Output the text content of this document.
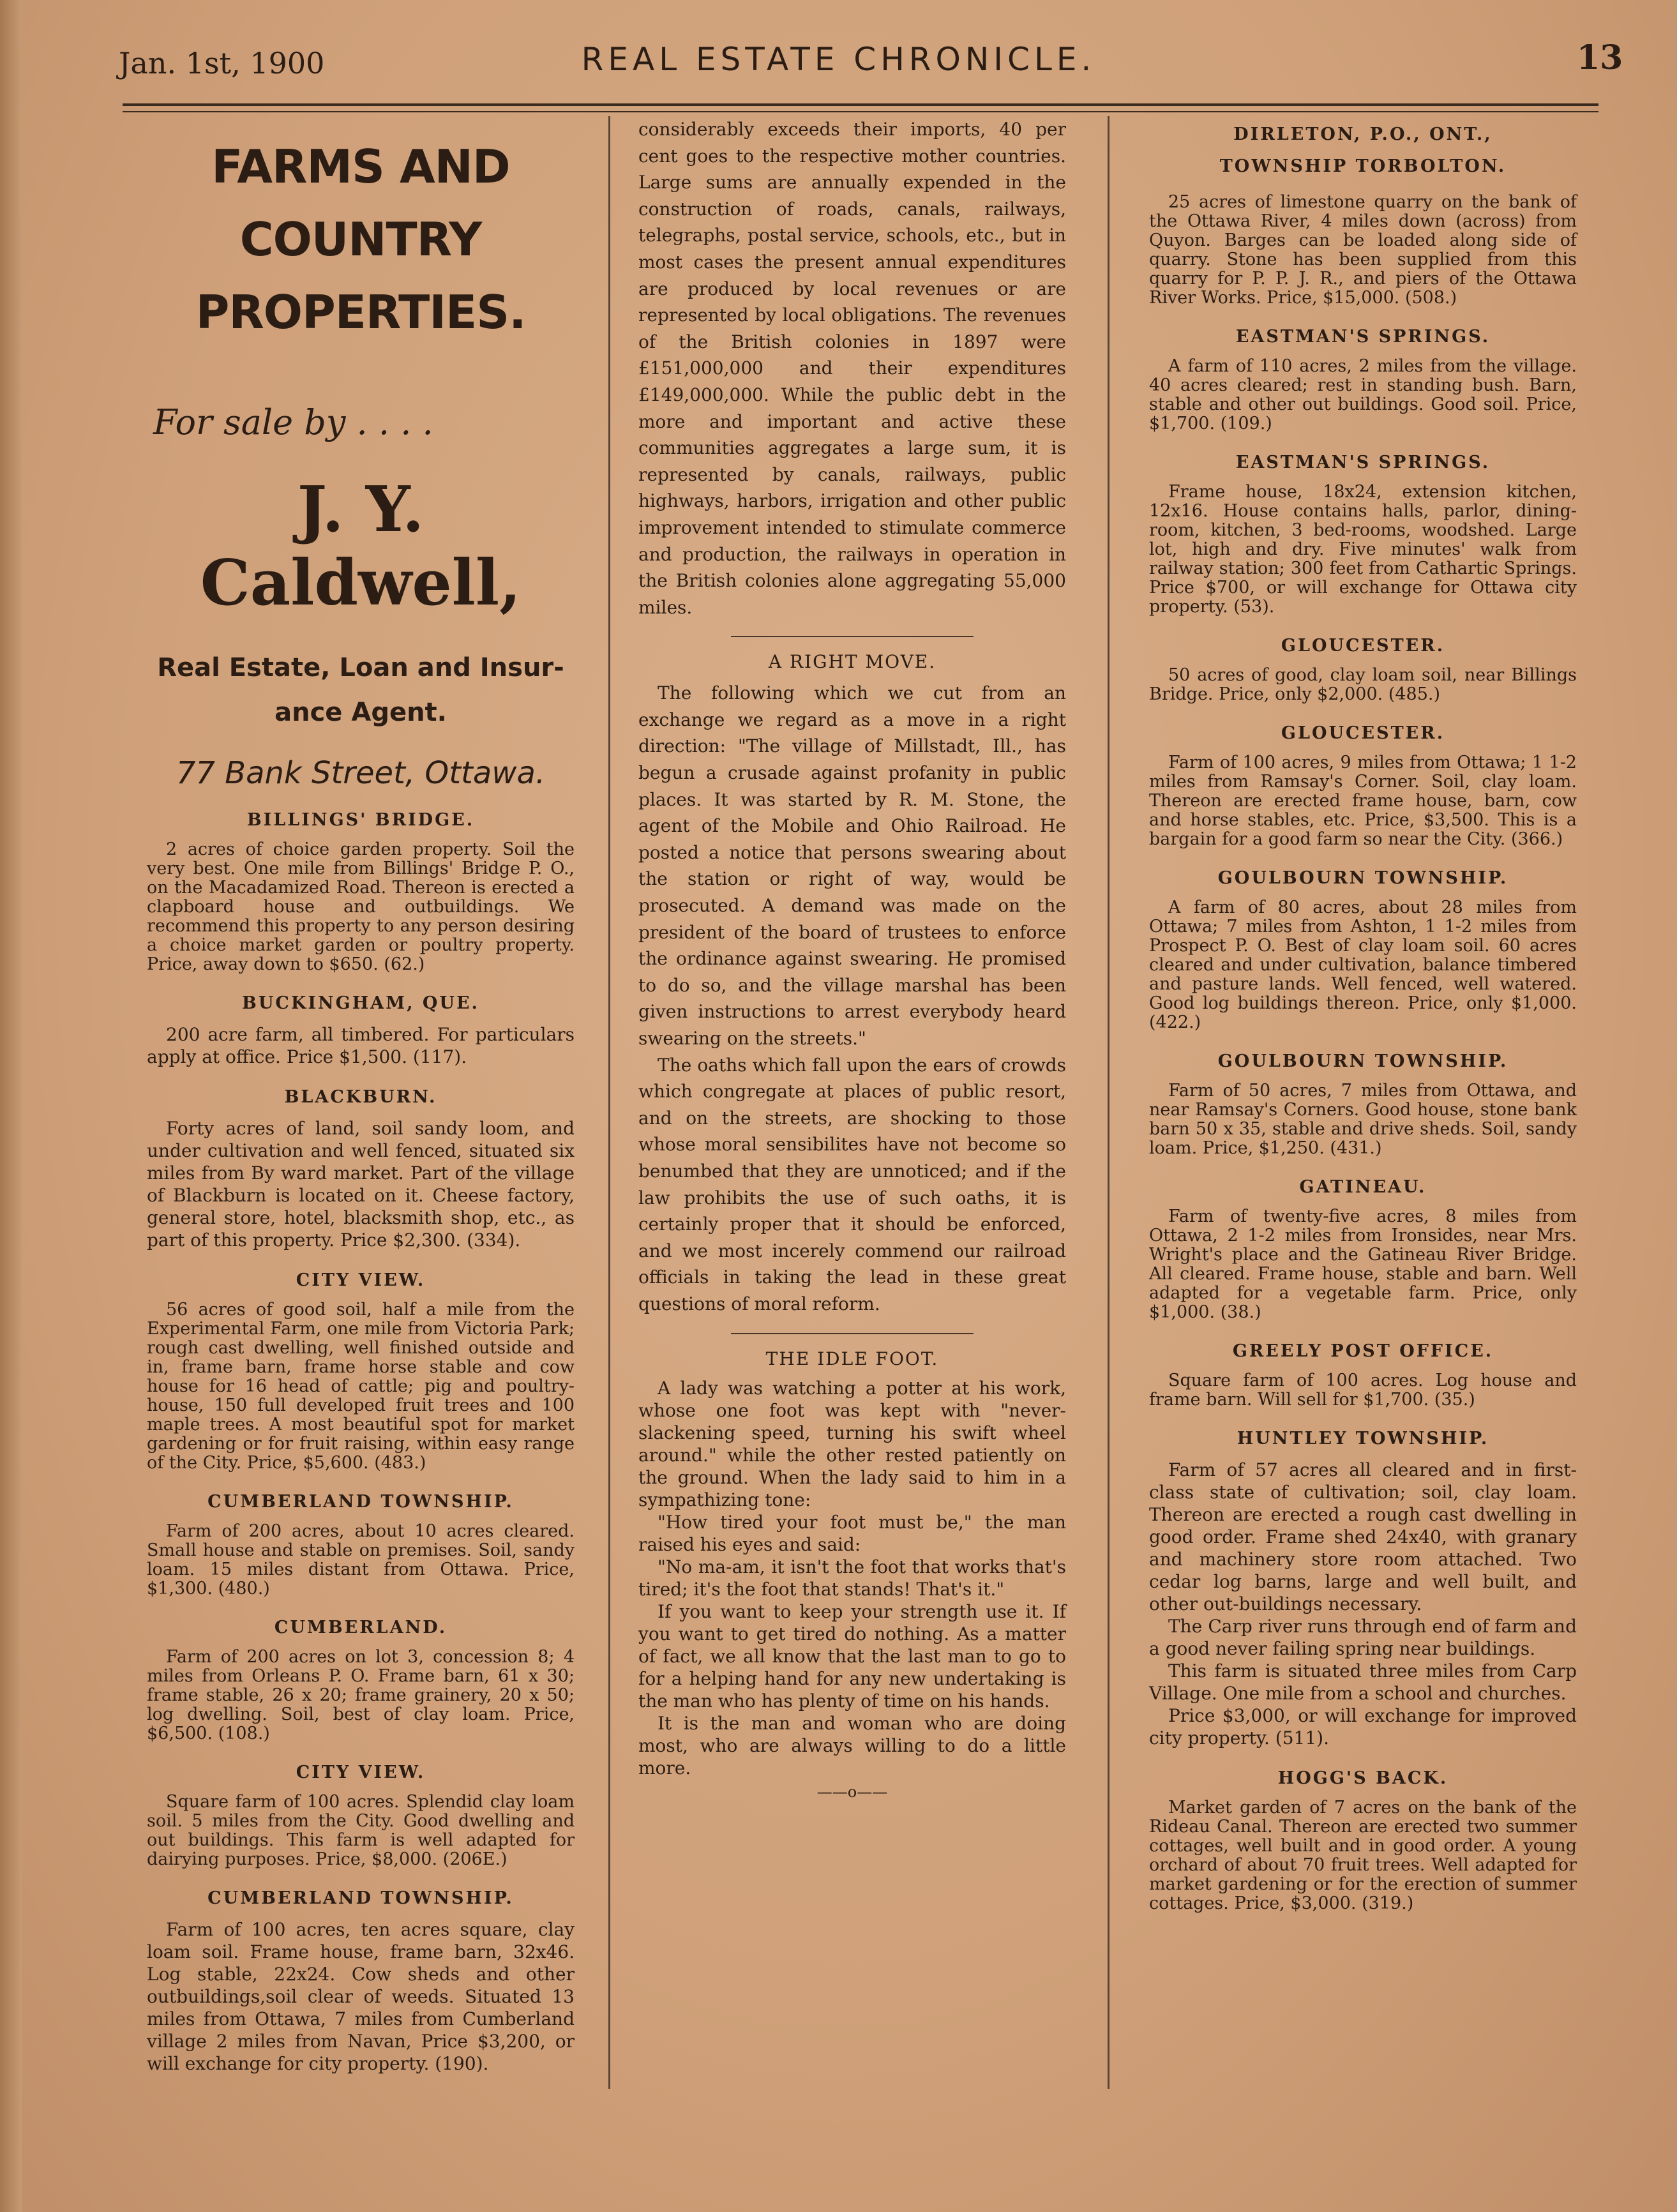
Jan. 1st, 1900	REAL ESTATE CHRONICLE.	13
FARMS AND COUNTRY
PROPERTIES.
For sale by . . . .
J. Y. Caldwell,
Real Estate, Loan and Insur-
ance Agent.
77 Bank Street, Ottawa.
BILLINGS' BRIDGE.

2 acres of choice garden property. Soil the very best. One mile from Billings' Bridge P. O., on the Macadamized Road. Thereon is erected a clapboard house and outbuildings. We recommend this property to any person desiring a choice market garden or poultry property. Price, away down to $650. (62.)

BUCKINGHAM, QUE.

200 acre farm, all timbered. For particulars apply at office. Price $1,500. (117).

BLACKBURN.

Forty acres of land, soil sandy loom, and under cultivation and well fenced, situated six miles from By ward market. Part of the village of Blackburn is located on it. Cheese factory, general store, hotel, blacksmith shop, etc., as part of this property. Price $2,300. (334).

CITY VIEW.

56 acres of good soil, half a mile from the Experimental Farm, one mile from Victoria Park; rough cast dwelling, well finished outside and in, frame barn, frame horse stable and cow house for 16 head of cattle; pig and poultry-house, 150 full developed fruit trees and 100 maple trees. A most beautiful spot for market gardening or for fruit raising, within easy range of the City. Price, $5,600. (483.)

CUMBERLAND TOWNSHIP.

Farm of 200 acres, about 10 acres cleared. Small house and stable on premises. Soil, sandy loam. 15 miles distant from Ottawa. Price, $1,300. (480.)

CUMBERLAND.

Farm of 200 acres on lot 3, concession 8; 4 miles from Orleans P. O. Frame barn, 61 x 30; frame stable, 26 x 20; frame grainery, 20 x 50; log dwelling. Soil, best of clay loam. Price, $6,500. (108.)

CITY VIEW.

Square farm of 100 acres. Splendid clay loam soil. 5 miles from the City. Good dwelling and out buildings. This farm is well adapted for dairying purposes. Price, $8,000. (206E.)

CUMBERLAND TOWNSHIP.

Farm of 100 acres, ten acres square, clay loam soil. Frame house, frame barn, 32x46. Log stable, 22x24. Cow sheds and other outbuildings,soil clear of weeds. Situated 13 miles from Ottawa, 7 miles from Cumberland village 2 miles from Navan, Price $3,200, or will exchange for city property. (190).

considerably exceeds their imports, 40 per cent goes to the respective mother countries. Large sums are annually expended in the construction of roads, canals, railways, telegraphs, postal service, schools, etc., but in most cases the present annual expenditures are produced by local revenues or are represented by local obligations. The revenues of the British colonies in 1897 were £151,000,000 and their expenditures £149,000,000. While the public debt in the more and important and active these communities aggregates a large sum, it is represented by canals, railways, public highways, harbors, irrigation and other public improvement intended to stimulate commerce and production, the railways in operation in the British colonies alone aggregating 55,000 miles.

A RIGHT MOVE.

The following which we cut from an exchange we regard as a move in a right direction: "The village of Millstadt, Ill., has begun a crusade against profanity in public places. It was started by R. M. Stone, the agent of the Mobile and Ohio Railroad. He posted a notice that persons swearing about the station or right of way, would be prosecuted. A demand was made on the president of the board of trustees to enforce the ordinance against swearing. He promised to do so, and the village marshal has been given instructions to arrest everybody heard swearing on the streets."

The oaths which fall upon the ears of crowds which congregate at places of public resort, and on the streets, are shocking to those whose moral sensibilites have not become so benumbed that they are unnoticed; and if the law prohibits the use of such oaths, it is certainly proper that it should be enforced, and we most incerely commend our railroad officials in taking the lead in these great questions of moral reform.

THE IDLE FOOT.

A lady was watching a potter at his work, whose one foot was kept with "never-slackening speed, turning his swift wheel around." while the other rested patiently on the ground. When the lady said to him in a sympathizing tone:

"How tired your foot must be," the man raised his eyes and said:

"No ma-am, it isn't the foot that works that's tired; it's the foot that stands! That's it."

If you want to keep your strength use it. If you want to get tired do nothing. As a matter of fact, we all know that the last man to go to for a helping hand for any new undertaking is the man who has plenty of time on his hands.

It is the man and woman who are doing most, who are always willing to do a little more.

——o——
DIRLETON, P.O., ONT., TOWNSHIP TORBOLTON.

25 acres of limestone quarry on the bank of the Ottawa River, 4 miles down (across) from Quyon. Barges can be loaded along side of quarry. Stone has been supplied from this quarry for P. P. J. R., and piers of the Ottawa River Works. Price, $15,000. (508.)

EASTMAN'S SPRINGS.

A farm of 110 acres, 2 miles from the village. 40 acres cleared; rest in standing bush. Barn, stable and other out buildings. Good soil. Price, $1,700. (109.)

EASTMAN'S SPRINGS.

Frame house, 18x24, extension kitchen, 12x16. House contains halls, parlor, dining-room, kitchen, 3 bed-rooms, woodshed. Large lot, high and dry. Five minutes' walk from railway station; 300 feet from Cathartic Springs. Price $700, or will exchange for Ottawa city property. (53).

GLOUCESTER.

50 acres of good, clay loam soil, near Billings Bridge. Price, only $2,000. (485.)

GLOUCESTER.

Farm of 100 acres, 9 miles from Ottawa; 1 1-2 miles from Ramsay's Corner. Soil, clay loam. Thereon are erected frame house, barn, cow and horse stables, etc. Price, $3,500. This is a bargain for a good farm so near the City. (366.)

GOULBOURN TOWNSHIP.

A farm of 80 acres, about 28 miles from Ottawa; 7 miles from Ashton, 1 1-2 miles from Prospect P. O. Best of clay loam soil. 60 acres cleared and under cultivation, balance timbered and pasture lands. Well fenced, well watered. Good log buildings thereon. Price, only $1,000. (422.)

GOULBOURN TOWNSHIP.

Farm of 50 acres, 7 miles from Ottawa, and near Ramsay's Corners. Good house, stone bank barn 50 x 35, stable and drive sheds. Soil, sandy loam. Price, $1,250. (431.)

GATINEAU.

Farm of twenty-five acres, 8 miles from Ottawa, 2 1-2 miles from Ironsides, near Mrs. Wright's place and the Gatineau River Bridge. All cleared. Frame house, stable and barn. Well adapted for a vegetable farm. Price, only $1,000. (38.)

GREELY POST OFFICE.

Square farm of 100 acres. Log house and frame barn. Will sell for $1,700. (35.)

HUNTLEY TOWNSHIP.

Farm of 57 acres all cleared and in first-class state of cultivation; soil, clay loam. Thereon are erected a rough cast dwelling in good order. Frame shed 24x40, with granary and machinery store room attached. Two cedar log barns, large and well built, and other out-buildings necessary.

The Carp river runs through end of farm and a good never failing spring near buildings.

This farm is situated three miles from Carp Village. One mile from a school and churches.

Price $3,000, or will exchange for improved city property. (511).

HOGG'S BACK.

Market garden of 7 acres on the bank of the Rideau Canal. Thereon are erected two summer cottages, well built and in good order. A young orchard of about 70 fruit trees. Well adapted for market gardening or for the erection of summer cottages. Price, $3,000. (319.)
